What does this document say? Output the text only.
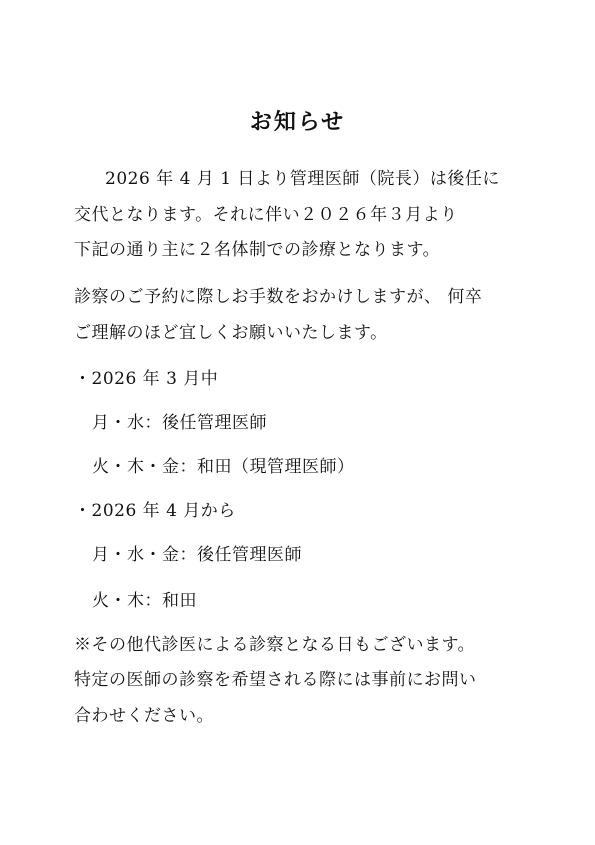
お知らせ
2026 年 4 月 1 日より管理医師（院長）は後任に
交代となります。それに伴い２０２６年３月より
下記の通り主に２名体制での診療となります。
診察のご予約に際しお手数をおかけしますが、 何卒
ご理解のほど宜しくお願いいたします。
・2026 年 3 月中
月・水：後任管理医師
火・木・金：和田（現管理医師）
・2026 年 4 月から
月・水・金：後任管理医師
火・木：和田
※その他代診医による診察となる日もございます。
特定の医師の診察を希望される際には事前にお問い
合わせください。
